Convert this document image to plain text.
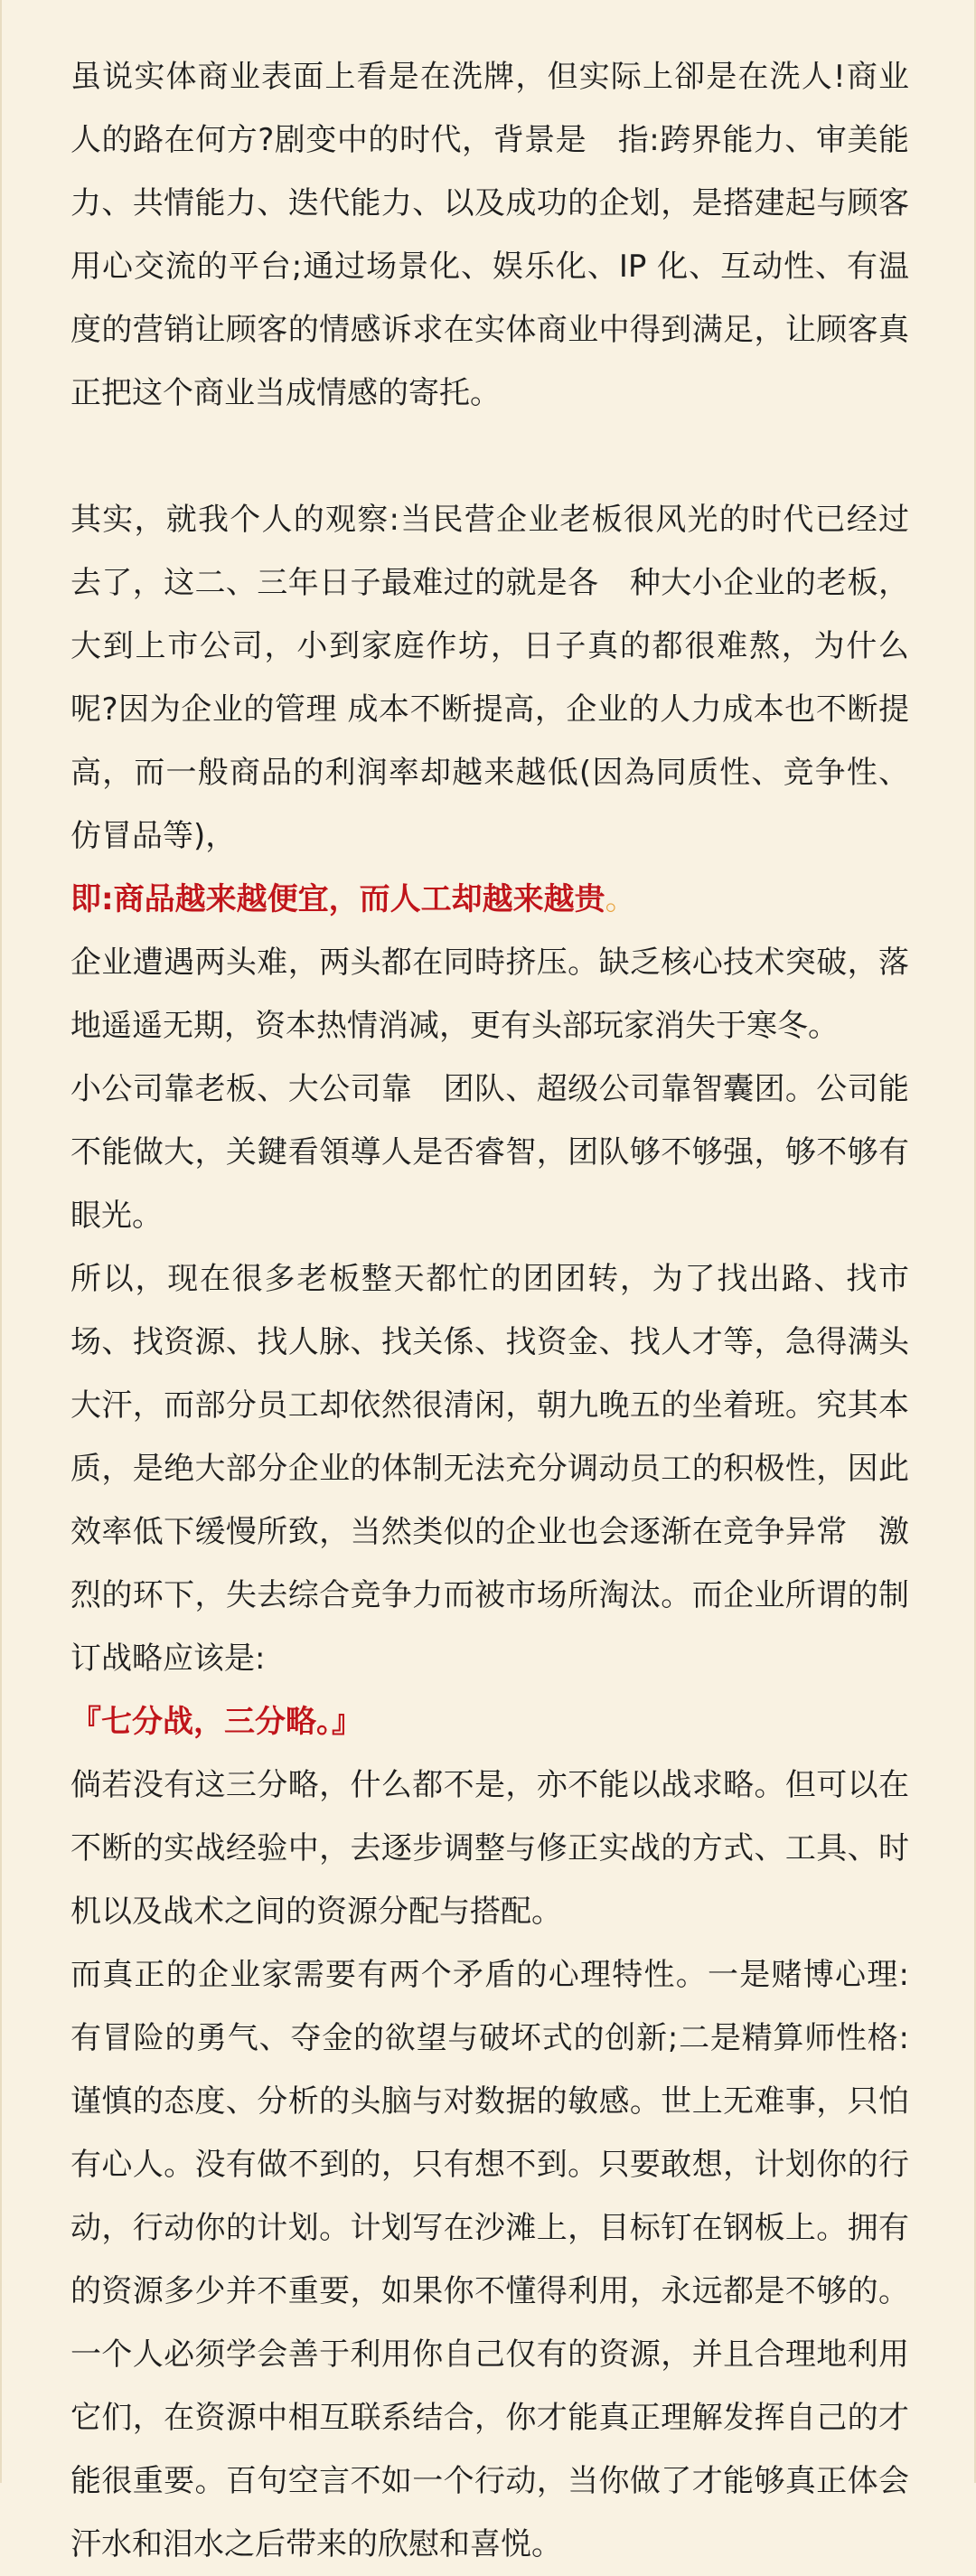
虽说实体商业表面上看是在洗牌，但实际上卻是在洗人!商业人的路在何方?剧变中的时代，背景是　指:跨界能力、审美能力、共情能力、迭代能力、以及成功的企划，是搭建起与顾客用心交流的平台;通过场景化、娱乐化、IP 化、互动性、有温度的营销让顾客的情感诉求在实体商业中得到满足，让顾客真正把这个商业当成情感的寄托。

其实，就我个人的观察:当民营企业老板很风光的时代已经过去了，这二、三年日子最难过的就是各　种大小企业的老板，大到上市公司，小到家庭作坊，日子真的都很难熬，为什么呢?因为企业的管理 成本不断提高，企业的人力成本也不断提高，而一般商品的利润率却越来越低(因為同质性、竞争性、仿冒品等)，

即:商品越来越便宜，而人工却越来越贵。

企业遭遇两头难，两头都在同時挤压。缺乏核心技术突破，落地遥遥无期，资本热情消减，更有头部玩家消失于寒冬。

小公司靠老板、大公司靠　团队、超级公司靠智囊团。公司能不能做大，关鍵看領導人是否睿智，团队够不够强，够不够有眼光。

所以，现在很多老板整天都忙的团团转，为了找出路、找市场、找资源、找人脉、找关係、找资金、找人才等，急得满头大汗，而部分员工却依然很清闲，朝九晚五的坐着班。究其本质，是绝大部分企业的体制无法充分调动员工的积极性，因此效率低下缓慢所致，当然类似的企业也会逐渐在竞争异常　激烈的环下，失去综合竞争力而被市场所淘汰。而企业所谓的制订战略应该是:

『七分战，三分略。』

倘若没有这三分略，什么都不是，亦不能以战求略。但可以在不断的实战经验中，去逐步调整与修正实战的方式、工具、时机以及战术之间的资源分配与搭配。

而真正的企业家需要有两个矛盾的心理特性。一是赌博心理:有冒险的勇气、夺金的欲望与破坏式的创新;二是精算师性格:谨慎的态度、分析的头脑与对数据的敏感。世上无难事，只怕有心人。没有做不到的，只有想不到。只要敢想，计划你的行动，行动你的计划。计划写在沙滩上，目标钉在钢板上。拥有的资源多少并不重要，如果你不懂得利用，永远都是不够的。一个人必须学会善于利用你自己仅有的资源，并且合理地利用它们，在资源中相互联系结合，你才能真正理解发挥自己的才能很重要。百句空言不如一个行动，当你做了才能够真正体会汗水和泪水之后带来的欣慰和喜悦。
